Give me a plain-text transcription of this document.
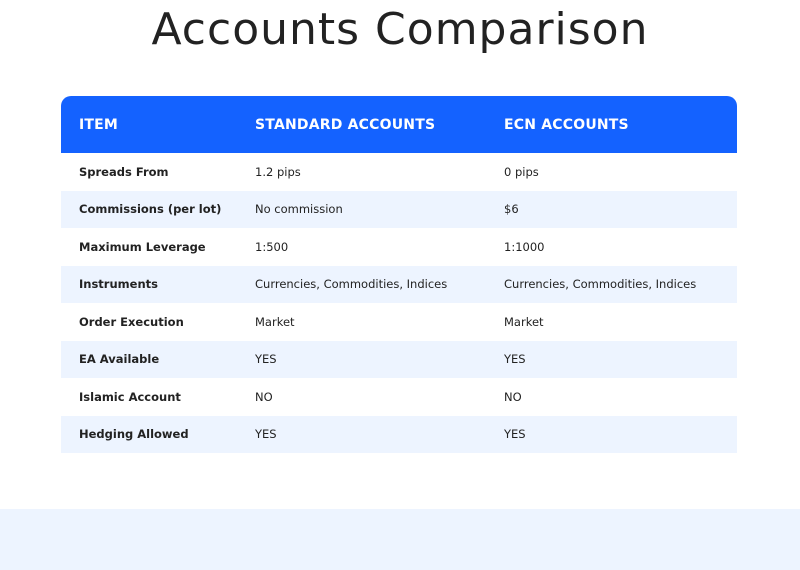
Accounts Comparison
ITEM	STANDARD ACCOUNTS	ECN ACCOUNTS
Spreads From	1.2 pips	0 pips
Commissions (per lot)	No commission	$6
Maximum Leverage	1:500	1:1000
Instruments	Currencies, Commodities, Indices	Currencies, Commodities, Indices
Order Execution	Market	Market
EA Available	YES	YES
Islamic Account	NO	NO
Hedging Allowed	YES	YES
